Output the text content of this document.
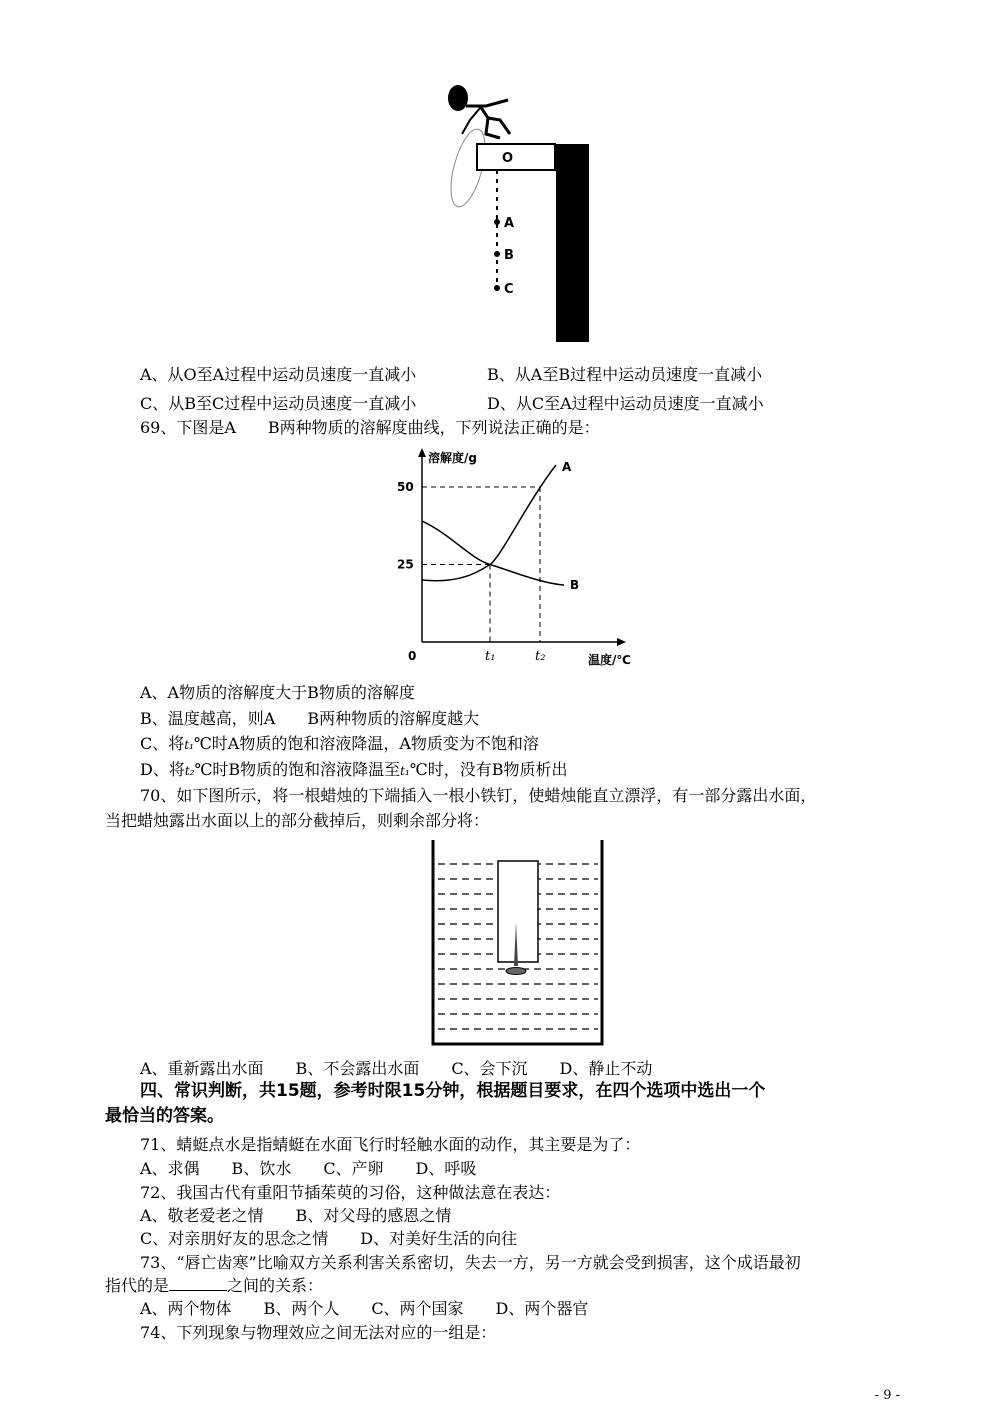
O
A
B
C
A、从O至A过程中运动员速度一直减小	B、从A至B过程中运动员速度一直减小
C、从B至C过程中运动员速度一直减小	D、从C至A过程中运动员速度一直减小
69、下图是A　　B两种物质的溶解度曲线，下列说法正确的是：
溶解度/g
温度/℃
0
50
25
t₁	t₂
A
B
A、A物质的溶解度大于B物质的溶解度
B、温度越高，则A　　B两种物质的溶解度越大
C、将t₁℃时A物质的饱和溶液降温，A物质变为不饱和溶
D、将t₂℃时B物质的饱和溶液降温至t₁℃时，没有B物质析出
70、如下图所示，将一根蜡烛的下端插入一根小铁钉，使蜡烛能直立漂浮，有一部分露出水面，
当把蜡烛露出水面以上的部分截掉后，则剩余部分将：
A、重新露出水面　　B、不会露出水面　　C、会下沉　　D、静止不动
四、常识判断，共15题，参考时限15分钟，根据题目要求，在四个选项中选出一个
最恰当的答案。
71、蜻蜓点水是指蜻蜓在水面飞行时轻触水面的动作，其主要是为了：
A、求偶　　B、饮水　　C、产卵　　D、呼吸
72、我国古代有重阳节插茱萸的习俗，这种做法意在表达：
A、敬老爱老之情　　B、对父母的感恩之情
C、对亲朋好友的思念之情　　D、对美好生活的向往
73、“唇亡齿寒”比喻双方关系利害关系密切，失去一方，另一方就会受到损害，这个成语最初
指代的是	之间的关系：
A、两个物体　　B、两个人　　C、两个国家　　D、两个器官
74、下列现象与物理效应之间无法对应的一组是：
- 9 -
